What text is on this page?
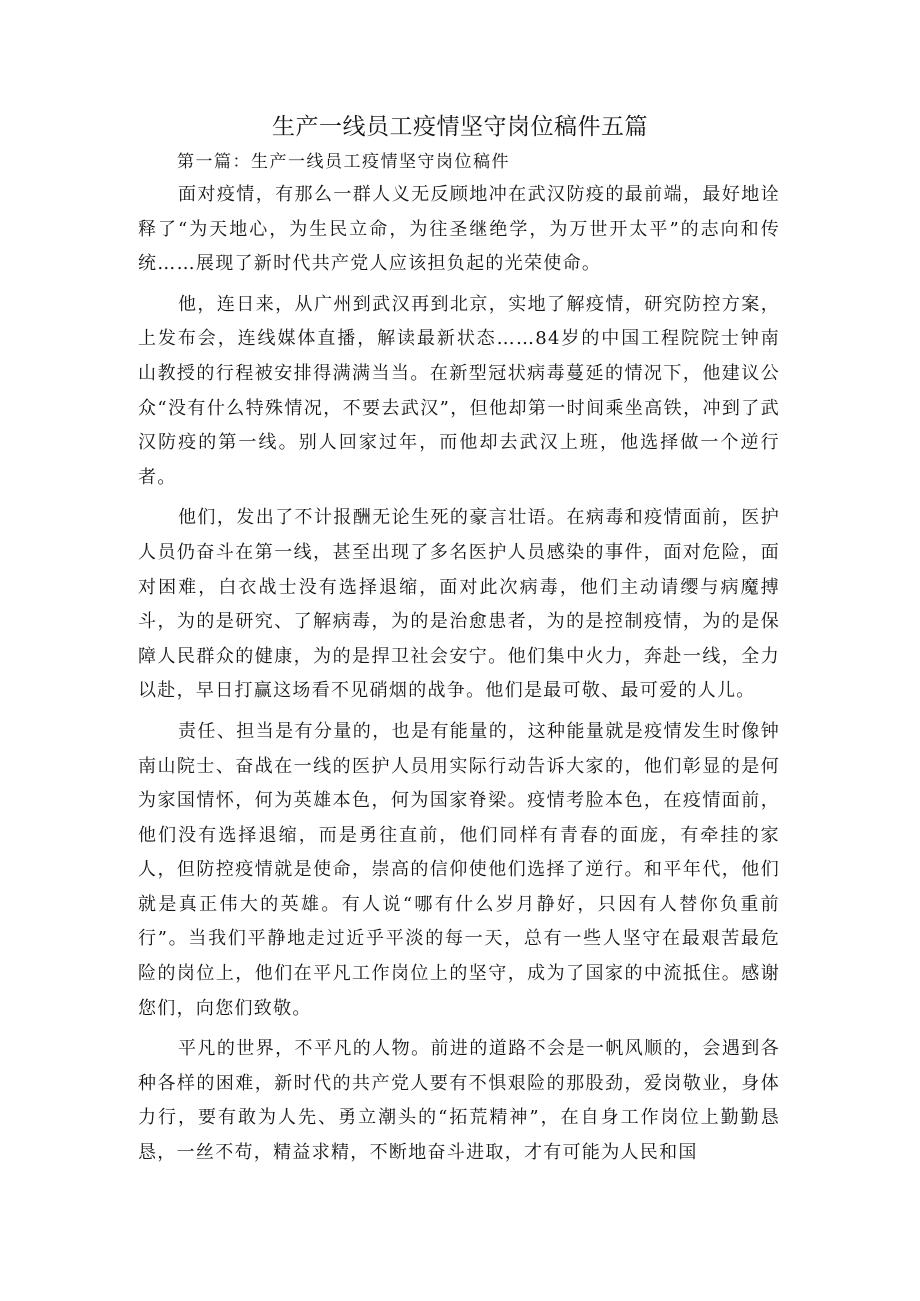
生产一线员工疫情坚守岗位稿件五篇
第一篇：生产一线员工疫情坚守岗位稿件

面对疫情，有那么一群人义无反顾地冲在武汉防疫的最前端，最好地诠释了“为天地心，为生民立命，为往圣继绝学，为万世开太平”的志向和传统……展现了新时代共产党人应该担负起的光荣使命。

他，连日来，从广州到武汉再到北京，实地了解疫情，研究防控方案，上发布会，连线媒体直播，解读最新状态……84岁的中国工程院院士钟南山教授的行程被安排得满满当当。在新型冠状病毒蔓延的情况下，他建议公众“没有什么特殊情况，不要去武汉”，但他却第一时间乘坐高铁，冲到了武汉防疫的第一线。别人回家过年，而他却去武汉上班，他选择做一个逆行者。

他们，发出了不计报酬无论生死的豪言壮语。在病毒和疫情面前，医护人员仍奋斗在第一线，甚至出现了多名医护人员感染的事件，面对危险，面对困难，白衣战士没有选择退缩，面对此次病毒，他们主动请缨与病魔搏斗，为的是研究、了解病毒，为的是治愈患者，为的是控制疫情，为的是保障人民群众的健康，为的是捍卫社会安宁。他们集中火力，奔赴一线，全力以赴，早日打赢这场看不见硝烟的战争。他们是最可敬、最可爱的人儿。

责任、担当是有分量的，也是有能量的，这种能量就是疫情发生时像钟南山院士、奋战在一线的医护人员用实际行动告诉大家的，他们彰显的是何为家国情怀，何为英雄本色，何为国家脊梁。疫情考脸本色，在疫情面前，他们没有选择退缩，而是勇往直前，他们同样有青春的面庞，有牵挂的家人，但防控疫情就是使命，崇高的信仰使他们选择了逆行。和平年代，他们就是真正伟大的英雄。有人说“哪有什么岁月静好，只因有人替你负重前行”。当我们平静地走过近乎平淡的每一天，总有一些人坚守在最艰苦最危险的岗位上，他们在平凡工作岗位上的坚守，成为了国家的中流抵住。感谢您们，向您们致敬。

平凡的世界，不平凡的人物。前进的道路不会是一帆风顺的，会遇到各种各样的困难，新时代的共产党人要有不惧艰险的那股劲，爱岗敬业，身体力行，要有敢为人先、勇立潮头的“拓荒精神”，在自身工作岗位上勤勤恳恳，一丝不苟，精益求精，不断地奋斗进取，才有可能为人民和国
